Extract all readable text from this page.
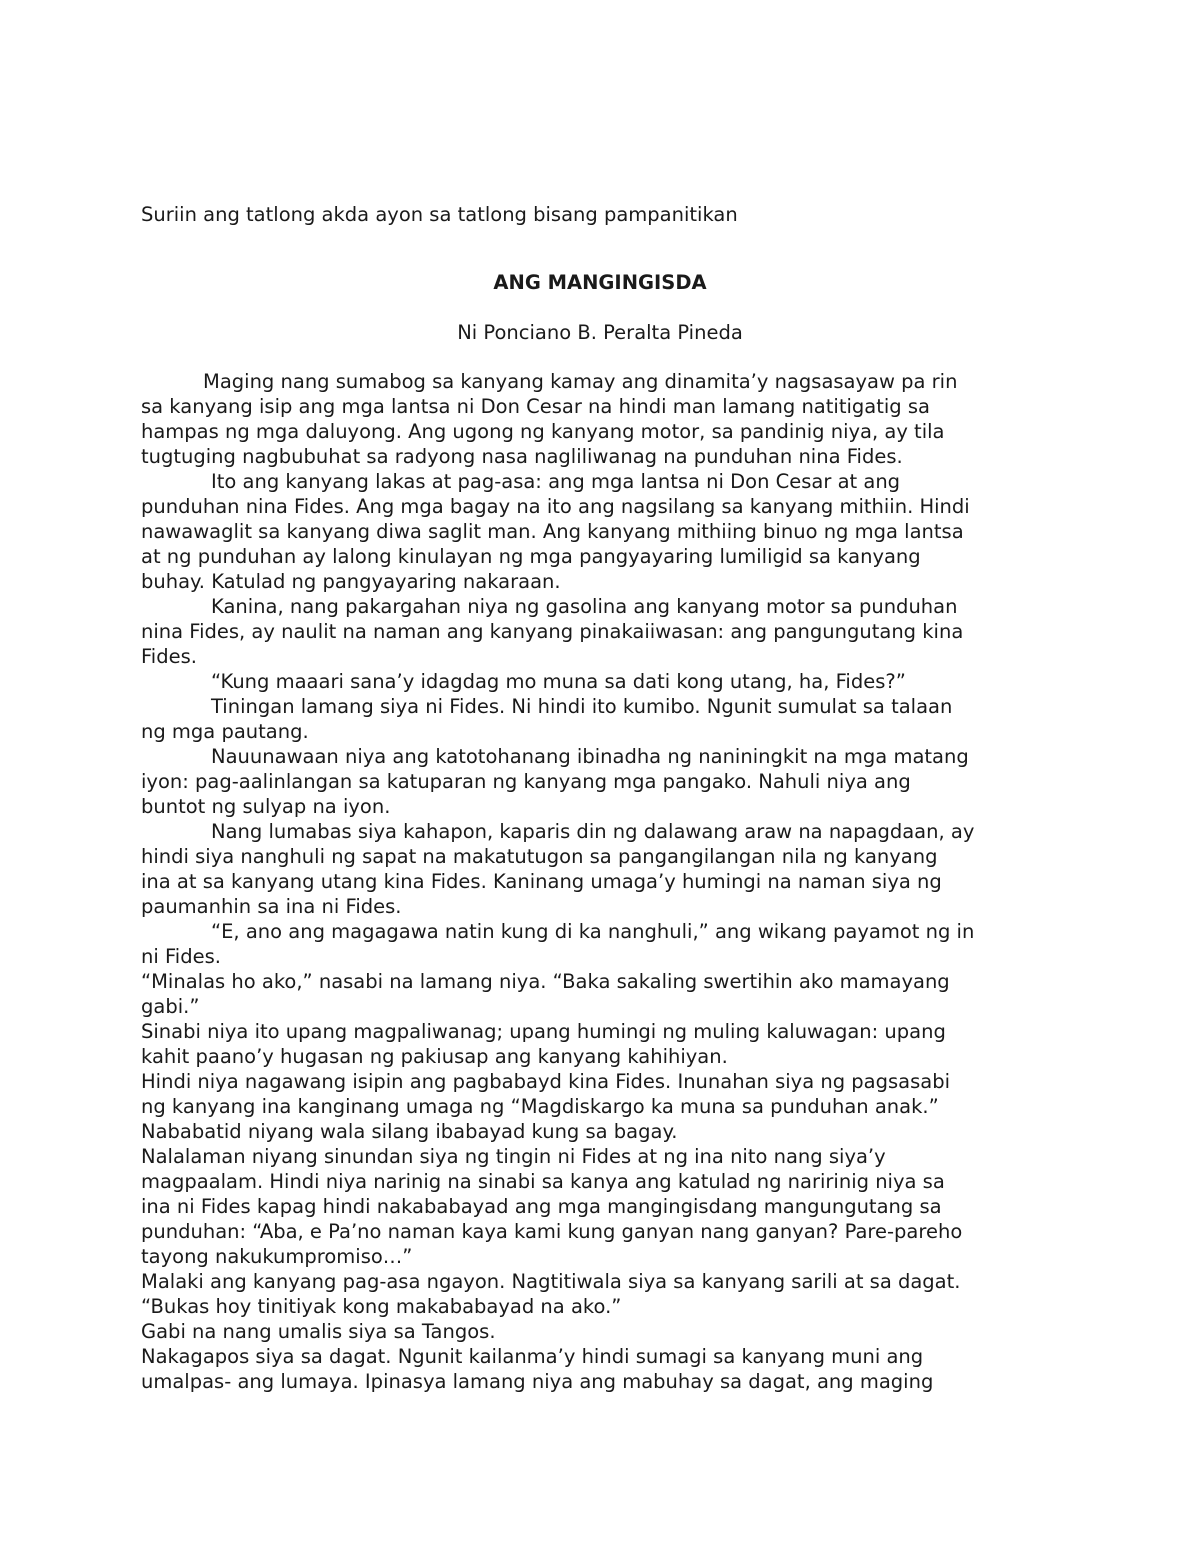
Suriin ang tatlong akda ayon sa tatlong bisang pampanitikan
ANG MANGINGISDA
Ni Ponciano B. Peralta Pineda
Maging nang sumabog sa kanyang kamay ang dinamita’y nagsasayaw pa rin
sa kanyang isip ang mga lantsa ni Don Cesar na hindi man lamang natitigatig sa
hampas ng mga daluyong. Ang ugong ng kanyang motor, sa pandinig niya, ay tila
tugtuging nagbubuhat sa radyong nasa nagliliwanag na punduhan nina Fides.
Ito ang kanyang lakas at pag-asa: ang mga lantsa ni Don Cesar at ang
punduhan nina Fides. Ang mga bagay na ito ang nagsilang sa kanyang mithiin. Hindi
nawawaglit sa kanyang diwa saglit man. Ang kanyang mithiing binuo ng mga lantsa
at ng punduhan ay lalong kinulayan ng mga pangyayaring lumiligid sa kanyang
buhay. Katulad ng pangyayaring nakaraan.
Kanina, nang pakargahan niya ng gasolina ang kanyang motor sa punduhan
nina Fides, ay naulit na naman ang kanyang pinakaiiwasan: ang pangungutang kina
Fides.
“Kung maaari sana’y idagdag mo muna sa dati kong utang, ha, Fides?”
Tiningan lamang siya ni Fides. Ni hindi ito kumibo. Ngunit sumulat sa talaan
ng mga pautang.
Nauunawaan niya ang katotohanang ibinadha ng naniningkit na mga matang
iyon: pag-aalinlangan sa katuparan ng kanyang mga pangako. Nahuli niya ang
buntot ng sulyap na iyon.
Nang lumabas siya kahapon, kaparis din ng dalawang araw na napagdaan, ay
hindi siya nanghuli ng sapat na makatutugon sa pangangilangan nila ng kanyang
ina at sa kanyang utang kina Fides. Kaninang umaga’y humingi na naman siya ng
paumanhin sa ina ni Fides.
“E, ano ang magagawa natin kung di ka nanghuli,” ang wikang payamot ng in
ni Fides.
“Minalas ho ako,” nasabi na lamang niya. “Baka sakaling swertihin ako mamayang
gabi.”
Sinabi niya ito upang magpaliwanag; upang humingi ng muling kaluwagan: upang
kahit paano’y hugasan ng pakiusap ang kanyang kahihiyan.
Hindi niya nagawang isipin ang pagbabayd kina Fides. Inunahan siya ng pagsasabi
ng kanyang ina kanginang umaga ng “Magdiskargo ka muna sa punduhan anak.”
Nababatid niyang wala silang ibabayad kung sa bagay.
Nalalaman niyang sinundan siya ng tingin ni Fides at ng ina nito nang siya’y
magpaalam. Hindi niya narinig na sinabi sa kanya ang katulad ng naririnig niya sa
ina ni Fides kapag hindi nakababayad ang mga mangingisdang mangungutang sa
punduhan: “Aba, e Pa’no naman kaya kami kung ganyan nang ganyan? Pare-pareho
tayong nakukumpromiso…”
Malaki ang kanyang pag-asa ngayon. Nagtitiwala siya sa kanyang sarili at sa dagat.
“Bukas hoy tinitiyak kong makababayad na ako.”
Gabi na nang umalis siya sa Tangos.
Nakagapos siya sa dagat. Ngunit kailanma’y hindi sumagi sa kanyang muni ang
umalpas- ang lumaya. Ipinasya lamang niya ang mabuhay sa dagat, ang maging
